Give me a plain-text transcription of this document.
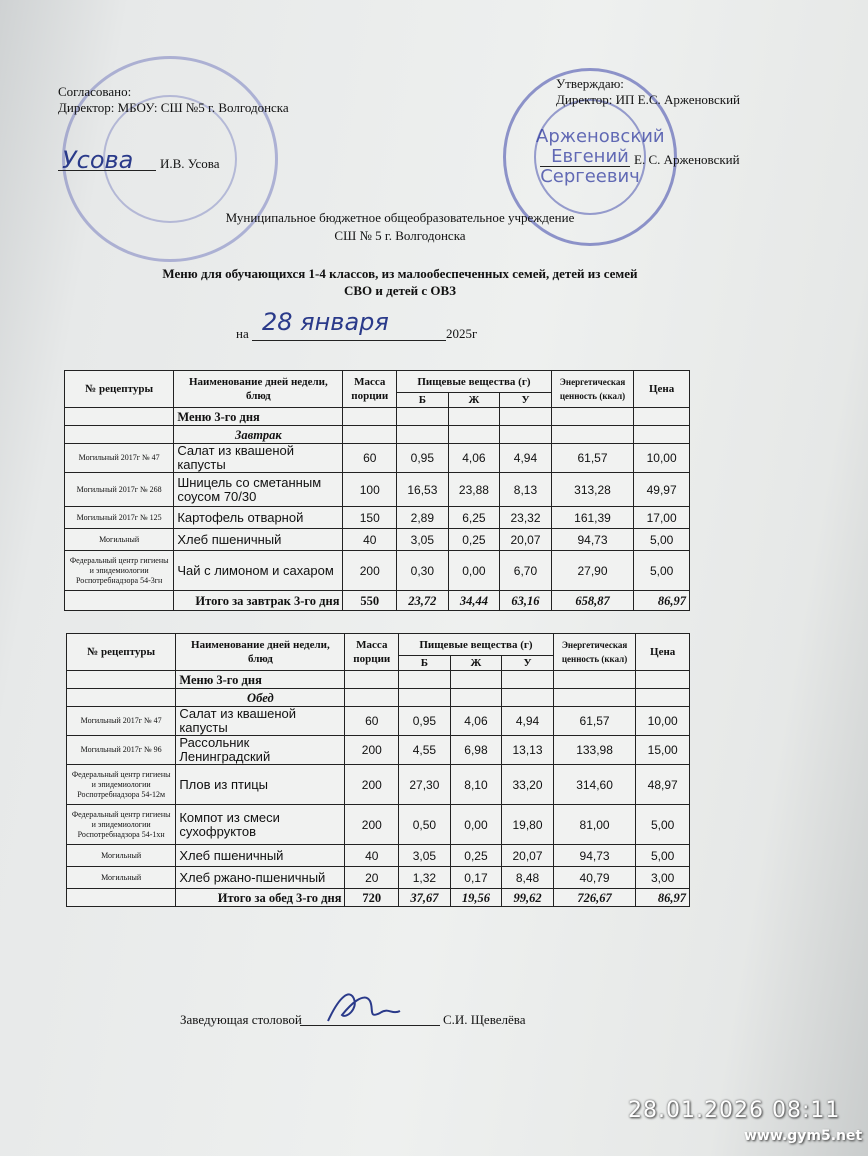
Арженовский Евгений Сергеевич
Согласовано:
Директор: МБОУ: СШ №5 г. Волгодонска
Усова И.В. Усова
Утверждаю:
Директор: ИП Е.С. Арженовский
Е. С. Арженовский
Муниципальное бюджетное общеобразовательное учреждение
СШ № 5 г. Волгодонска
Меню для обучающихся 1-4 классов, из малообеспеченных семей, детей из семей
СВО и детей с ОВЗ
на 28 января	2025г
№ рецептуры	Наименование дней недели, блюд	Масса порции	Пищевые вещества (г)			Энергетическая ценность (ккал)	Цена
			Б	Ж	У		
	Меню 3-го дня						
	Завтрак						
Могильный 2017г № 47	Салат из квашеной капусты	60	0,95	4,06	4,94	61,57	10,00
Могильный 2017г № 268	Шницель со сметанным соусом 70/30	100	16,53	23,88	8,13	313,28	49,97
Могильный 2017г № 125	Картофель отварной	150	2,89	6,25	23,32	161,39	17,00
Могильный	Хлеб пшеничный	40	3,05	0,25	20,07	94,73	5,00
Федеральный центр гигиены и эпидемиологии Роспотребнадзора 54-3гн	Чай с лимоном и сахаром	200	0,30	0,00	6,70	27,90	5,00
	Итого за завтрак 3-го дня	550	23,72	34,44	63,16	658,87	86,97
№ рецептуры	Наименование дней недели, блюд	Масса порции	Пищевые вещества (г)			Энергетическая ценность (ккал)	Цена
			Б	Ж	У		
	Меню 3-го дня						
	Обед						
Могильный 2017г № 47	Салат из квашеной капусты	60	0,95	4,06	4,94	61,57	10,00
Могильный 2017г № 96	Рассольник Ленинградский	200	4,55	6,98	13,13	133,98	15,00
Федеральный центр гигиены и эпидемиологии Роспотребнадзора 54-12м	Плов из птицы	200	27,30	8,10	33,20	314,60	48,97
Федеральный центр гигиены и эпидемиологии Роспотребнадзора 54-1хн	Компот из смеси сухофруктов	200	0,50	0,00	19,80	81,00	5,00
Могильный	Хлеб пшеничный	40	3,05	0,25	20,07	94,73	5,00
Могильный	Хлеб ржано-пшеничный	20	1,32	0,17	8,48	40,79	3,00
	Итого за обед 3-го дня	720	37,67	19,56	99,62	726,67	86,97
Заведующая столовой	С.И. Щевелёва
28.01.2026 08:11
www.gym5.net
